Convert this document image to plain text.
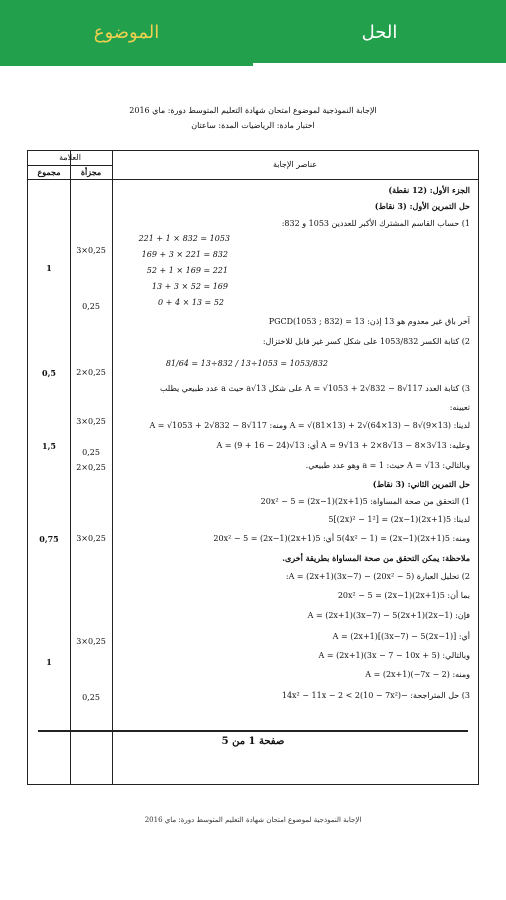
الموضوع	الحل
الإجابة النموذجية لموضوع امتحان شهادة التعليم المتوسط دورة: ماي 2016
اختبار مادة: الرياضيات المدة: ساعتان
العلامة
مجموع	مجزأة
عناصر الإجابة
1
0,5
1,5
0,75
1
3×0,25
0,25
2×0,25
3×0,25
0,25
2×0,25
3×0,25
3×0,25
0,25
الجزء الأول: (12 نقطة)
حل التمرين الأول: (3 نقاط)
1) حساب القاسم المشترك الأكبر للعددين 1053 و 832:
1053 = 832 × 1 + 221
832 = 221 × 3 + 169
221 = 169 × 1 + 52
169 = 52 × 3 + 13
52 = 13 × 4 + 0
آخر باق غير معدوم هو 13 إذن: PGCD(1053 ; 832) = 13
2) كتابة الكسر 1053/832 على شكل كسر غير قابل للاختزال:
1053/832 = 1053÷13 / 832÷13 = 81/64
3) كتابة العدد A = √1053 + 2√832 − 8√117 على شكل a√13 حيث a عدد طبيعي يطلب
تعيينه:
لدينا: A = √(81×13) + 2√(64×13) − 8√(9×13) ومنه: A = √1053 + 2√832 − 8√117
وعليه: A = 9√13 + 2×8√13 − 8×3√13 أي: A = (9 + 16 − 24)√13
وبالتالي: A = √13 حيث: a = 1 وهو عدد طبيعي.
حل التمرين الثاني: (3 نقاط)
1) التحقق من صحة المساواة: 5(2x+1)(2x−1) = 20x² − 5
لدينا: 5(2x+1)(2x−1) = 5[(2x)² − 1²]
ومنه: 5(2x+1)(2x−1) = 5(4x² − 1) أي: 5(2x+1)(2x−1) = 20x² − 5
ملاحظة: يمكن التحقق من صحة المساواة بطريقة أخرى.
2) تحليل العبارة A = (2x+1)(3x−7) − (20x² − 5):
بما أن: 5(2x+1)(2x−1) = 20x² − 5
فإن: A = (2x+1)(3x−7) − 5(2x+1)(2x−1)
أي: A = (2x+1)[(3x−7) − 5(2x−1)]
وبالتالي: A = (2x+1)(3x − 7 − 10x + 5)
ومنه: A = (2x+1)(−7x − 2)
3) حل المتراجحة: −14x² − 11x − 2 < 2(10 − 7x²)
صفحة 1 من 5
الإجابة النموذجية لموضوع امتحان شهادة التعليم المتوسط دورة: ماي 2016
